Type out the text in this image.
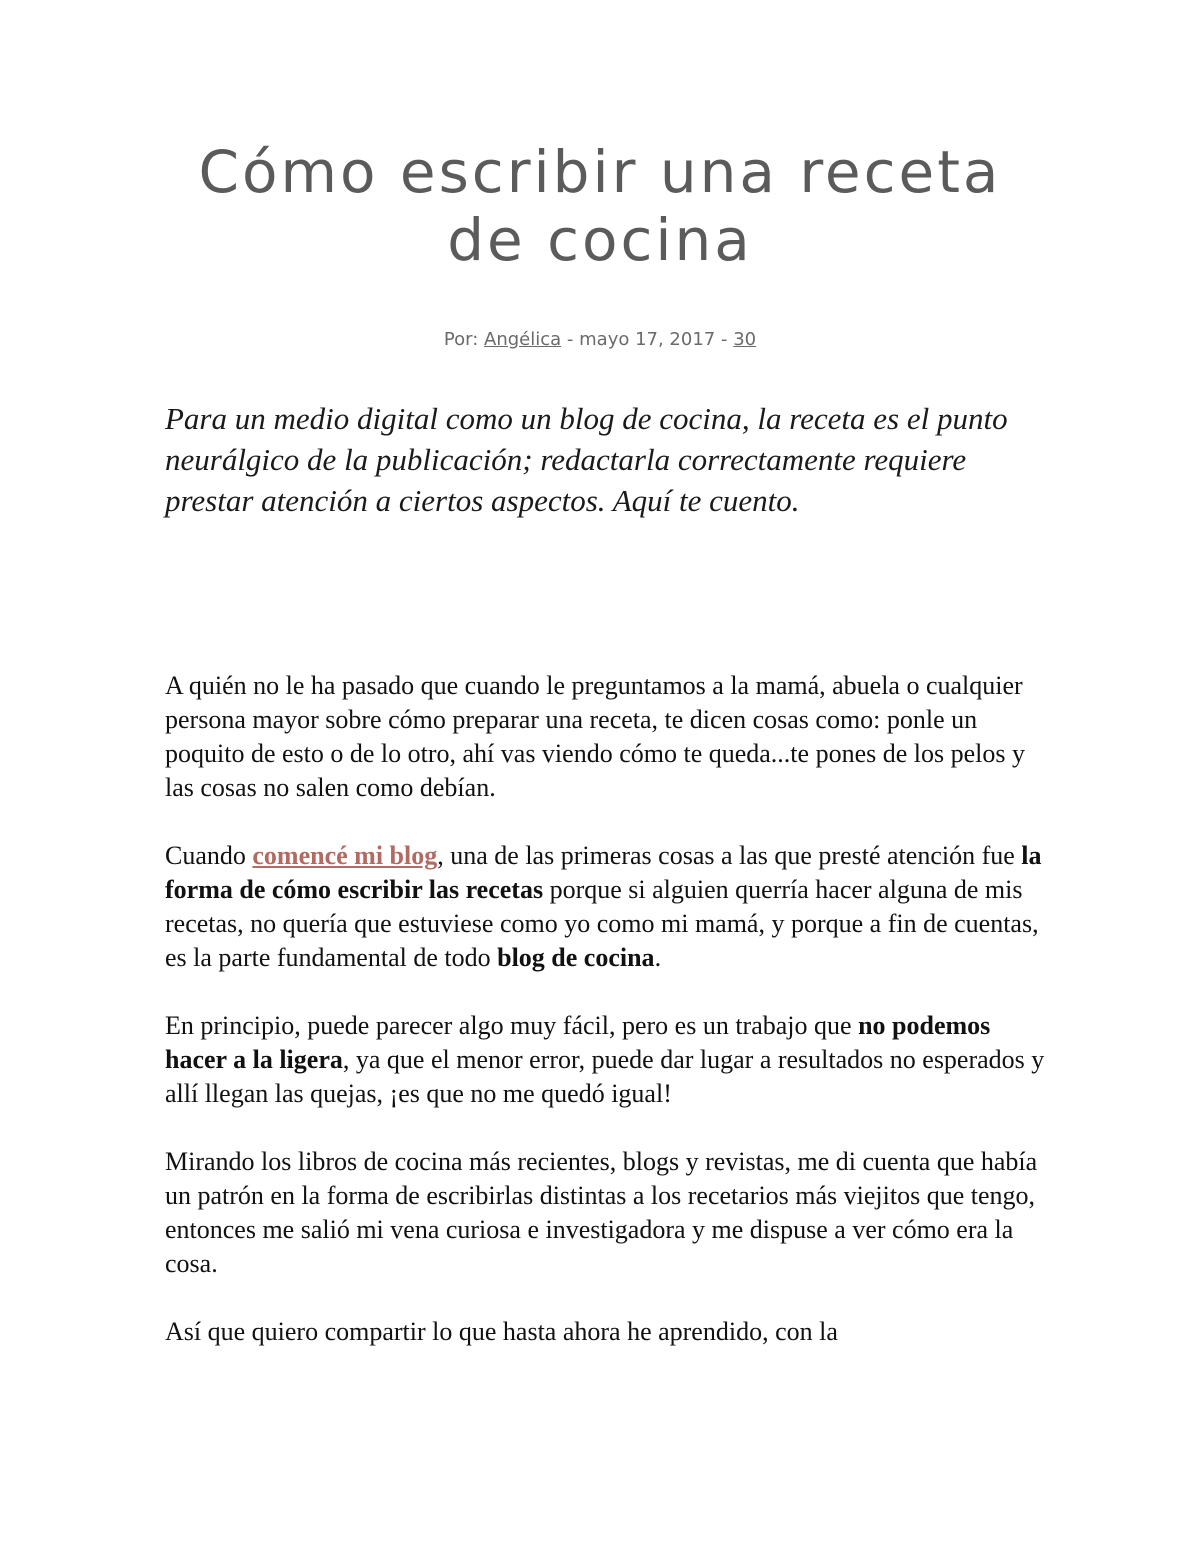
Cómo escribir una receta
de cocina
Por: Angélica - mayo 17, 2017 - 30

Para un medio digital como un blog de cocina, la receta es el punto neurálgico de la publicación; redactarla correctamente requiere prestar atención a ciertos aspectos. Aquí te cuento.

A quién no le ha pasado que cuando le preguntamos a la mamá, abuela o cualquier persona mayor sobre cómo preparar una receta, te dicen cosas como: ponle un poquito de esto o de lo otro, ahí vas viendo cómo te queda...te pones de los pelos y las cosas no salen como debían.

Cuando comencé mi blog, una de las primeras cosas a las que presté atención fue la forma de cómo escribir las recetas porque si alguien querría hacer alguna de mis recetas, no quería que estuviese como yo como mi mamá, y porque a fin de cuentas, es la parte fundamental de todo blog de cocina.

En principio, puede parecer algo muy fácil, pero es un trabajo que no podemos hacer a la ligera, ya que el menor error, puede dar lugar a resultados no esperados y allí llegan las quejas, ¡es que no me quedó igual!

Mirando los libros de cocina más recientes, blogs y revistas, me di cuenta que había un patrón en la forma de escribirlas distintas a los recetarios más viejitos que tengo, entonces me salió mi vena curiosa e investigadora y me dispuse a ver cómo era la cosa.

Así que quiero compartir lo que hasta ahora he aprendido, con la
